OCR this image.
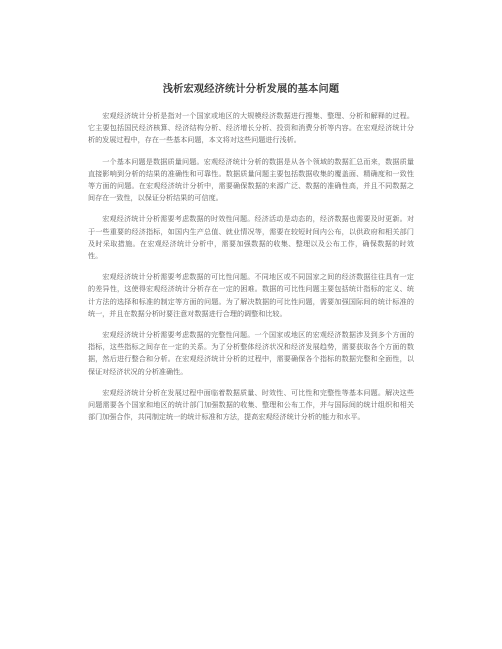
浅析宏观经济统计分析发展的基本问题

宏观经济统计分析是指对一个国家或地区的大规模经济数据进行搜集、整理、分析和解释的过程。它主要包括国民经济核算、经济结构分析、经济增长分析、投资和消费分析等内容。在宏观经济统计分析的发展过程中，存在一些基本问题，本文将对这些问题进行浅析。

一个基本问题是数据质量问题。宏观经济统计分析的数据是从各个领域的数据汇总而来，数据质量直接影响到分析的结果的准确性和可靠性。数据质量问题主要包括数据收集的覆盖面、精确度和一致性等方面的问题。在宏观经济统计分析中，需要确保数据的来源广泛、数据的准确性高，并且不同数据之间存在一致性，以保证分析结果的可信度。

宏观经济统计分析需要考虑数据的时效性问题。经济活动是动态的，经济数据也需要及时更新。对于一些重要的经济指标，如国内生产总值、就业情况等，需要在较短时间内公布，以供政府和相关部门及时采取措施。在宏观经济统计分析中，需要加强数据的收集、整理以及公布工作，确保数据的时效性。

宏观经济统计分析需要考虑数据的可比性问题。不同地区或不同国家之间的经济数据往往具有一定的差异性，这使得宏观经济统计分析存在一定的困难。数据的可比性问题主要包括统计指标的定义、统计方法的选择和标准的制定等方面的问题。为了解决数据的可比性问题，需要加强国际间的统计标准的统一，并且在数据分析时要注意对数据进行合理的调整和比较。

宏观经济统计分析需要考虑数据的完整性问题。一个国家或地区的宏观经济数据涉及到多个方面的指标，这些指标之间存在一定的关系。为了分析整体经济状况和经济发展趋势，需要获取各个方面的数据，然后进行整合和分析。在宏观经济统计分析的过程中，需要确保各个指标的数据完整和全面性，以保证对经济状况的分析准确性。

宏观经济统计分析在发展过程中面临着数据质量、时效性、可比性和完整性等基本问题。解决这些问题需要各个国家和地区的统计部门加强数据的收集、整理和公布工作，并与国际间的统计组织和相关部门加强合作，共同制定统一的统计标准和方法，提高宏观经济统计分析的能力和水平。
